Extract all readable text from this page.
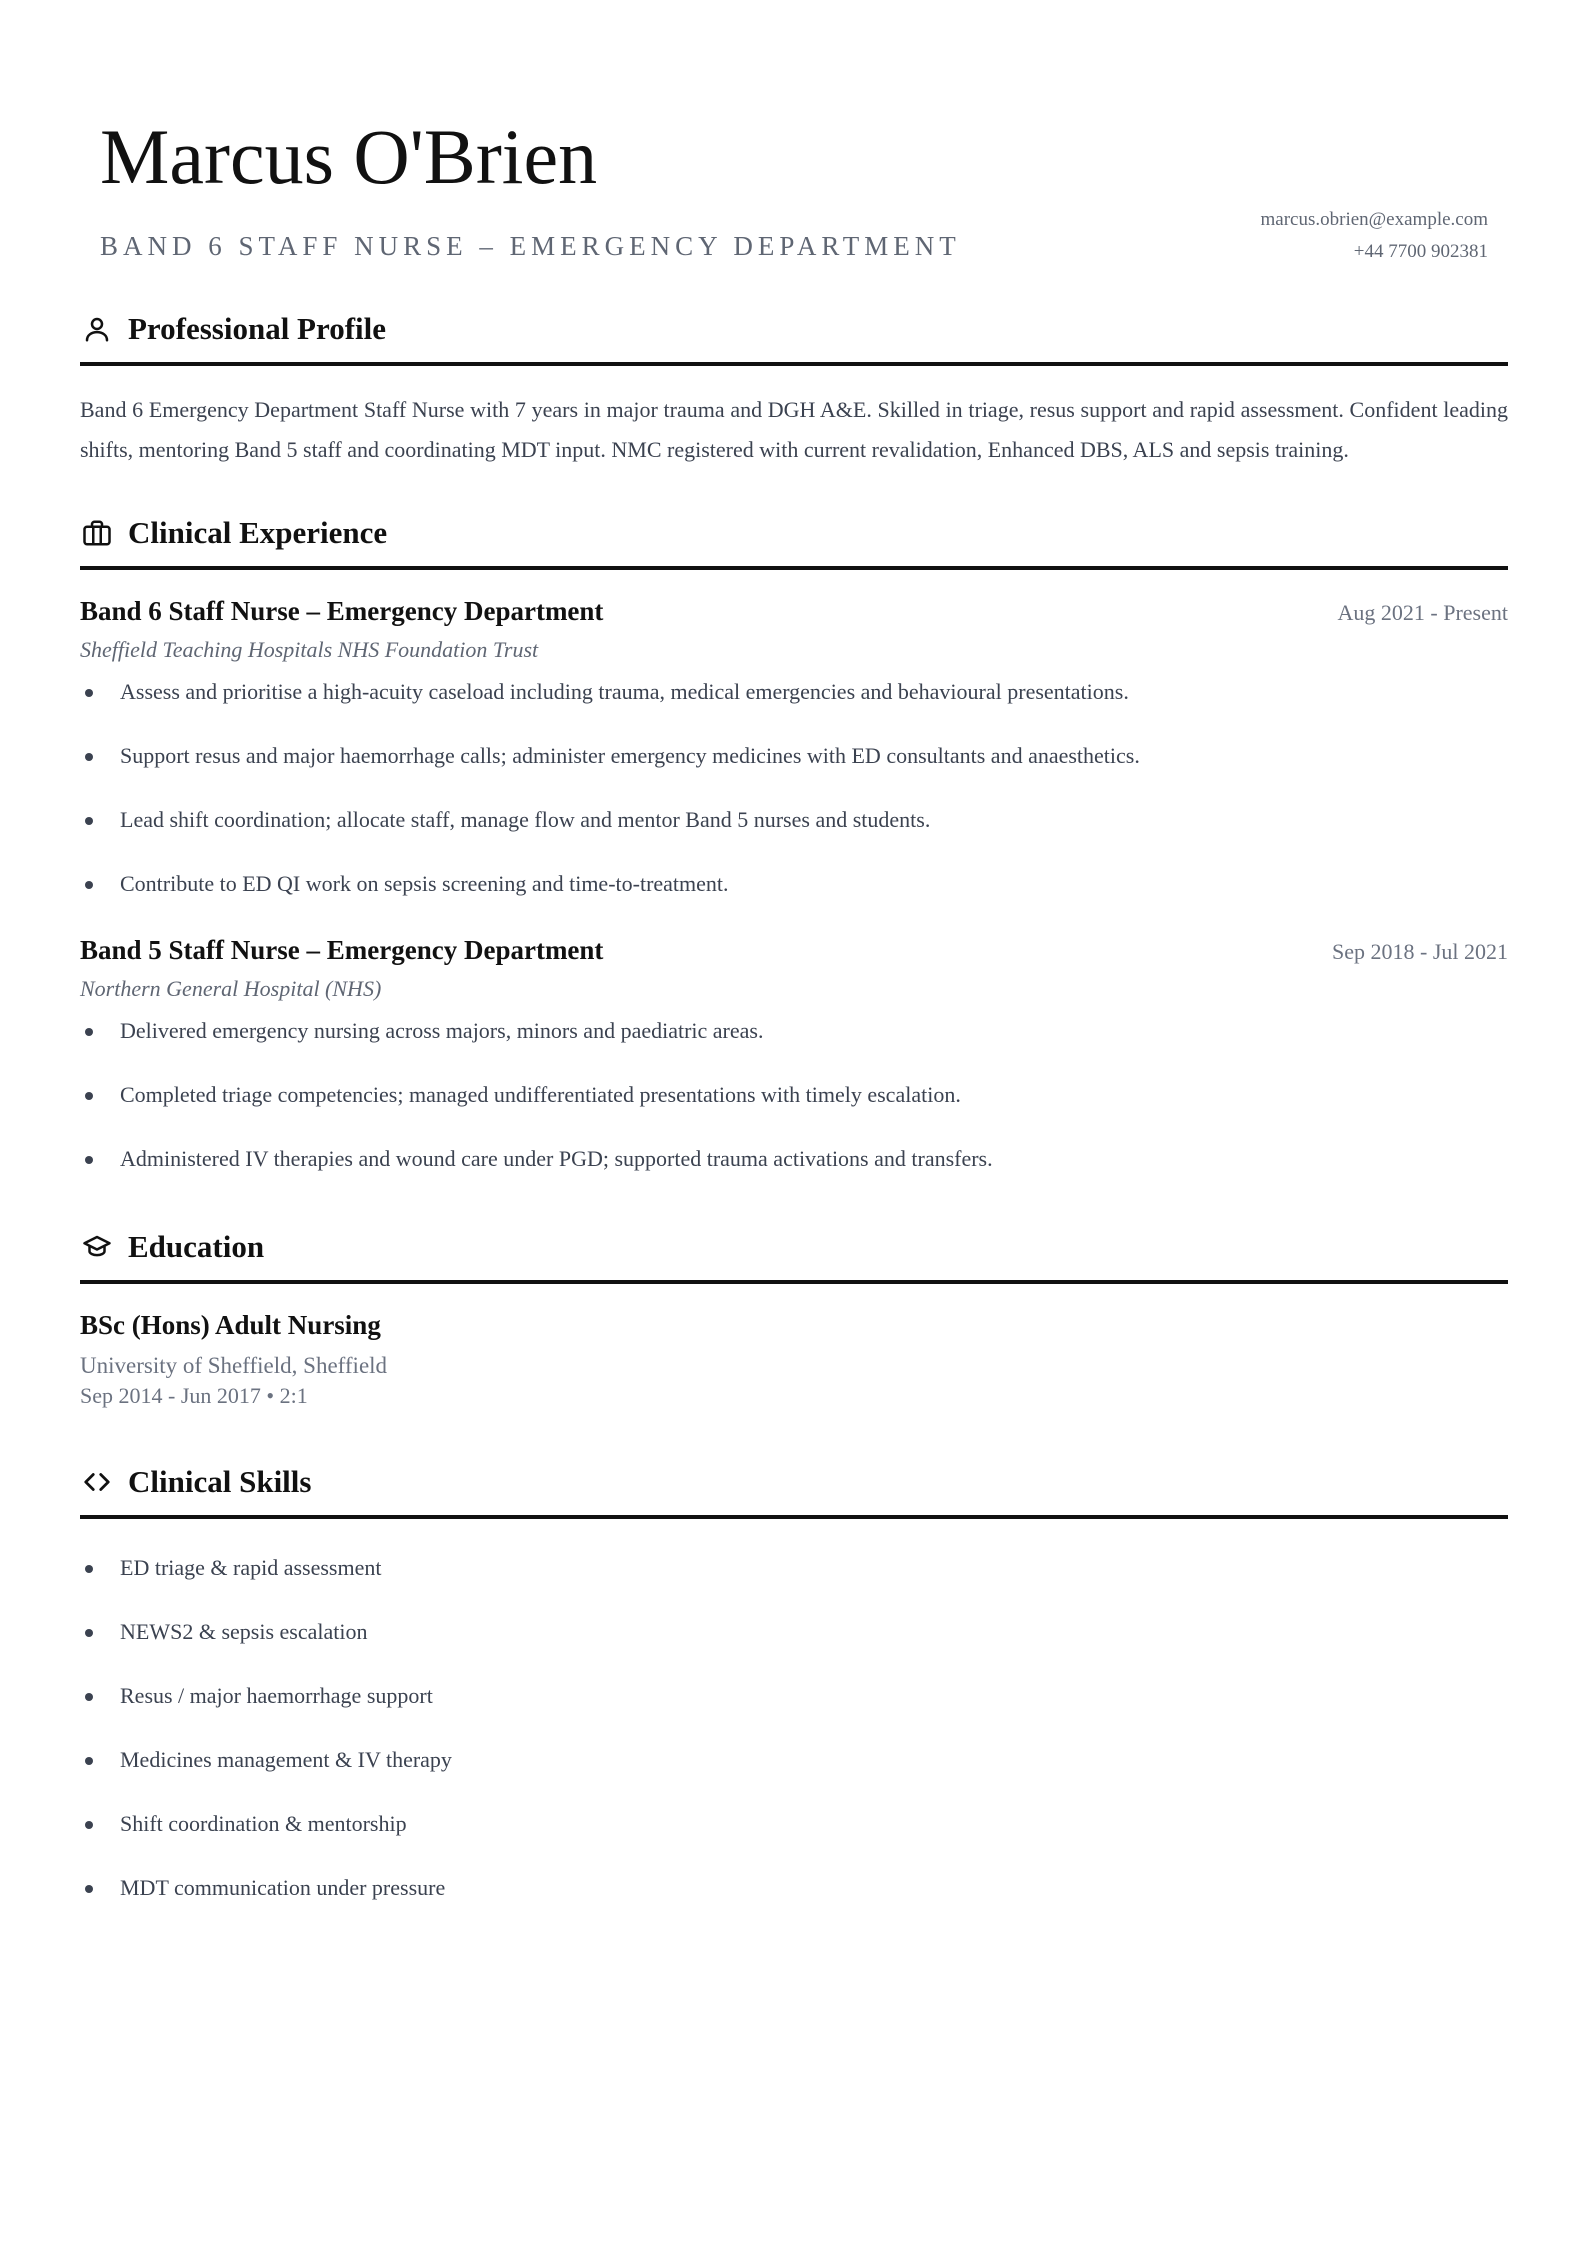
Marcus O'Brien
BAND 6 STAFF NURSE – EMERGENCY DEPARTMENT
marcus.obrien@example.com
+44 7700 902381
Professional Profile
Band 6 Emergency Department Staff Nurse with 7 years in major trauma and DGH A&E. Skilled in triage, resus support and rapid assessment. Confident leading shifts, mentoring Band 5 staff and coordinating MDT input. NMC registered with current revalidation, Enhanced DBS, ALS and sepsis training.
Clinical Experience
Band 6 Staff Nurse – Emergency Department	Aug 2021 - Present
Sheffield Teaching Hospitals NHS Foundation Trust
Assess and prioritise a high-acuity caseload including trauma, medical emergencies and behavioural presentations.
Support resus and major haemorrhage calls; administer emergency medicines with ED consultants and anaesthetics.
Lead shift coordination; allocate staff, manage flow and mentor Band 5 nurses and students.
Contribute to ED QI work on sepsis screening and time-to-treatment.
Band 5 Staff Nurse – Emergency Department	Sep 2018 - Jul 2021
Northern General Hospital (NHS)
Delivered emergency nursing across majors, minors and paediatric areas.
Completed triage competencies; managed undifferentiated presentations with timely escalation.
Administered IV therapies and wound care under PGD; supported trauma activations and transfers.
Education
BSc (Hons) Adult Nursing
University of Sheffield, Sheffield
Sep 2014 - Jun 2017 • 2:1
Clinical Skills
ED triage & rapid assessment
NEWS2 & sepsis escalation
Resus / major haemorrhage support
Medicines management & IV therapy
Shift coordination & mentorship
MDT communication under pressure
